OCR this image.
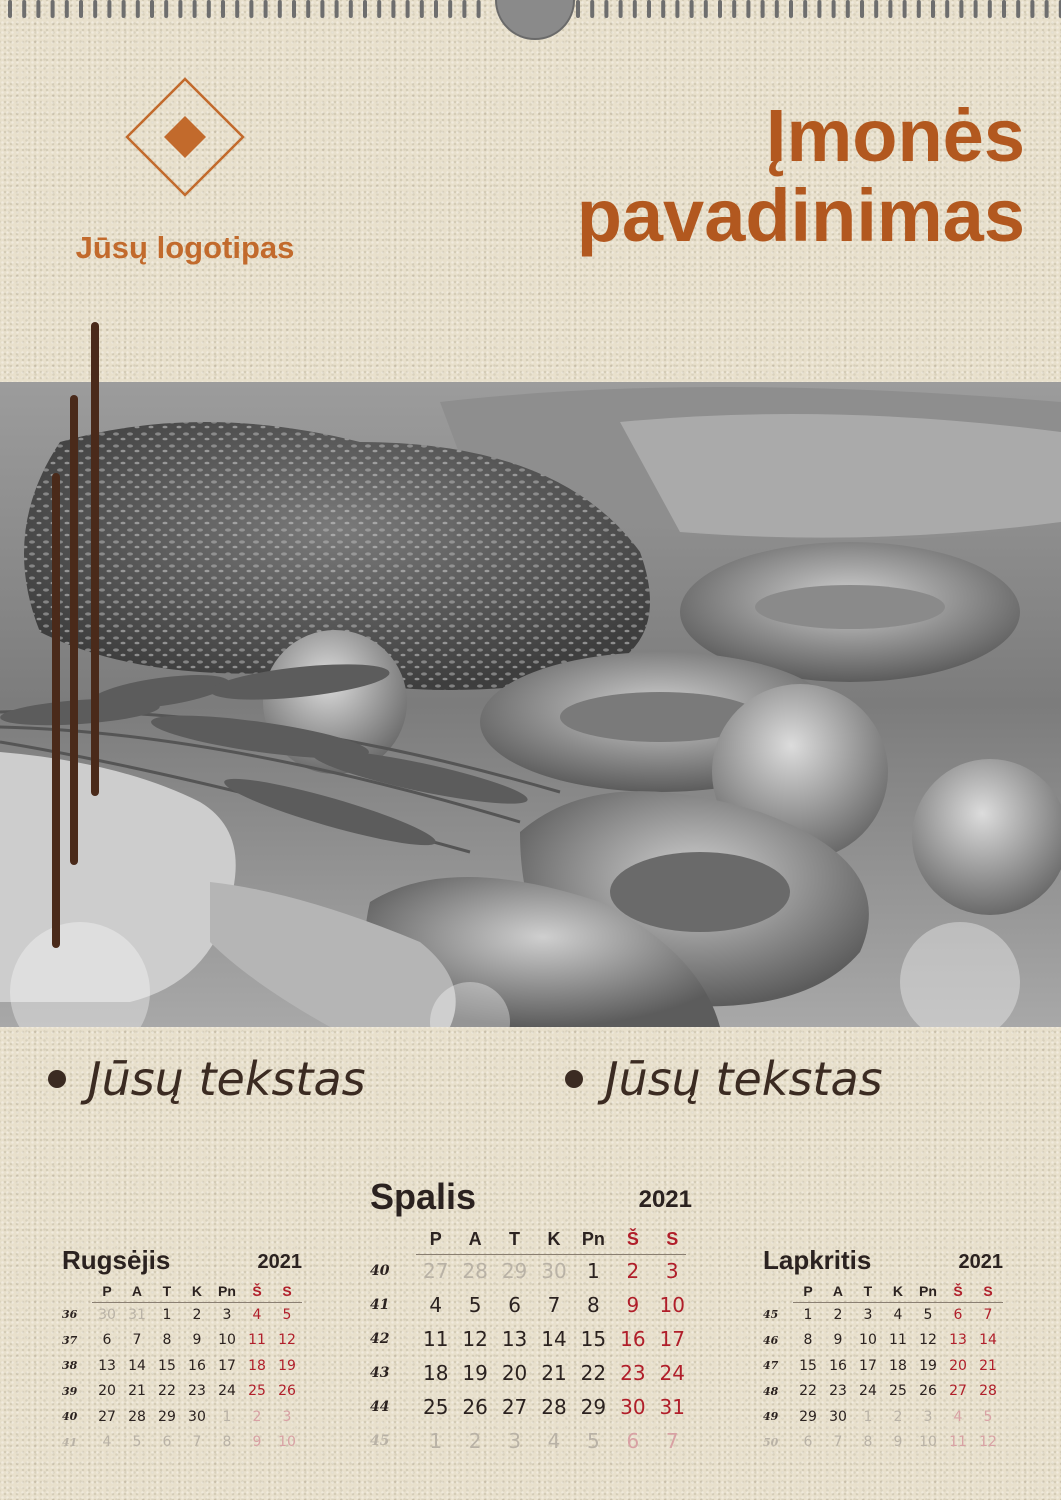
Jūsų logotipas
Įmonės
pavadinimas
Jūsų tekstas	Jūsų tekstas
Rugsėjis	2021
	P	A	T	K	Pn	Š	S
36	30	31	1	2	3	4	5
37	6	7	8	9	10	11	12
38	13	14	15	16	17	18	19
39	20	21	22	23	24	25	26
40	27	28	29	30	1	2	3
41	4	5	6	7	8	9	10
Spalis	2021
	P	A	T	K	Pn	Š	S
40	27	28	29	30	1	2	3
41	4	5	6	7	8	9	10
42	11	12	13	14	15	16	17
43	18	19	20	21	22	23	24
44	25	26	27	28	29	30	31
45	1	2	3	4	5	6	7
Lapkritis	2021
	P	A	T	K	Pn	Š	S
45	1	2	3	4	5	6	7
46	8	9	10	11	12	13	14
47	15	16	17	18	19	20	21
48	22	23	24	25	26	27	28
49	29	30	1	2	3	4	5
50	6	7	8	9	10	11	12
